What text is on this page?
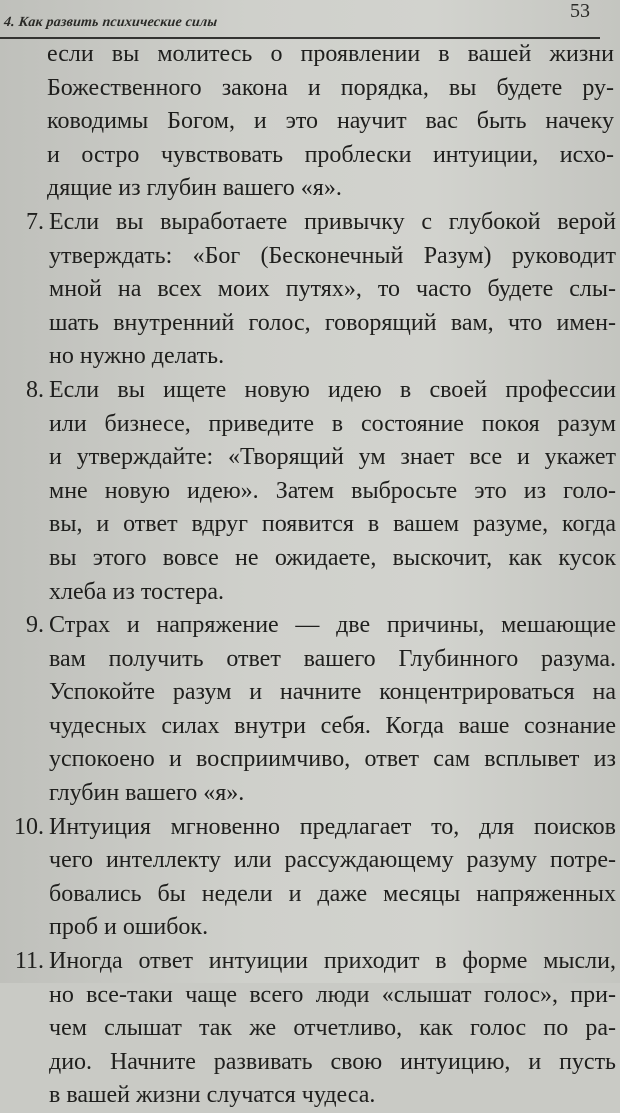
4. Как развить психические силы
53
если вы молитесь о проявлении в вашей жизни
Божественного закона и порядка, вы будете ру-
ководимы Богом, и это научит вас быть начеку
и остро чувствовать проблески интуиции, исхо-
дящие из глубин вашего «я».
7. Если вы выработаете привычку с глубокой верой
утверждать: «Бог (Бесконечный Разум) руководит
мной на всех моих путях», то часто будете слы-
шать внутренний голос, говорящий вам, что имен-
но нужно делать.
8. Если вы ищете новую идею в своей профессии
или бизнесе, приведите в состояние покоя разум
и утверждайте: «Творящий ум знает все и укажет
мне новую идею». Затем выбросьте это из голо-
вы, и ответ вдруг появится в вашем разуме, когда
вы этого вовсе не ожидаете, выскочит, как кусок
хлеба из тостера.
9. Страх и напряжение — две причины, мешающие
вам получить ответ вашего Глубинного разума.
Успокойте разум и начните концентрироваться на
чудесных силах внутри себя. Когда ваше сознание
успокоено и восприимчиво, ответ сам всплывет из
глубин вашего «я».
10. Интуиция мгновенно предлагает то, для поисков
чего интеллекту или рассуждающему разуму потре-
бовались бы недели и даже месяцы напряженных
проб и ошибок.
11. Иногда ответ интуиции приходит в форме мысли,
но все-таки чаще всего люди «слышат голос», при-
чем слышат так же отчетливо, как голос по ра-
дио. Начните развивать свою интуицию, и пусть
в вашей жизни случатся чудеса.
